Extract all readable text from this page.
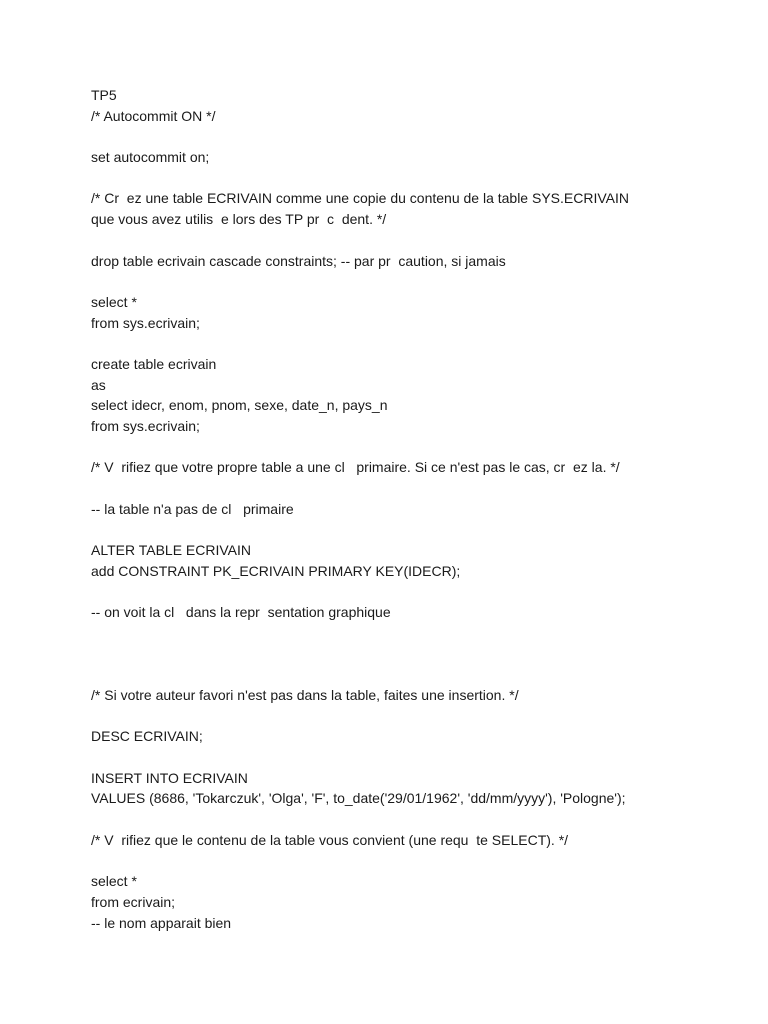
TP5
/* Autocommit ON */
set autocommit on;
/* Cr  ez une table ECRIVAIN comme une copie du contenu de la table SYS.ECRIVAIN
que vous avez utilis  e lors des TP pr  c  dent. */
drop table ecrivain cascade constraints; -- par pr  caution, si jamais
select *
from sys.ecrivain;
create table ecrivain
as
select idecr, enom, pnom, sexe, date_n, pays_n
from sys.ecrivain;
/* V  rifiez que votre propre table a une cl   primaire. Si ce n'est pas le cas, cr  ez la. */
-- la table n'a pas de cl   primaire
ALTER TABLE ECRIVAIN
add CONSTRAINT PK_ECRIVAIN PRIMARY KEY(IDECR);
-- on voit la cl   dans la repr  sentation graphique
/* Si votre auteur favori n'est pas dans la table, faites une insertion. */
DESC ECRIVAIN;
INSERT INTO ECRIVAIN
VALUES (8686, 'Tokarczuk', 'Olga', 'F', to_date('29/01/1962', 'dd/mm/yyyy'), 'Pologne');
/* V  rifiez que le contenu de la table vous convient (une requ  te SELECT). */
select *
from ecrivain;
-- le nom apparait bien
